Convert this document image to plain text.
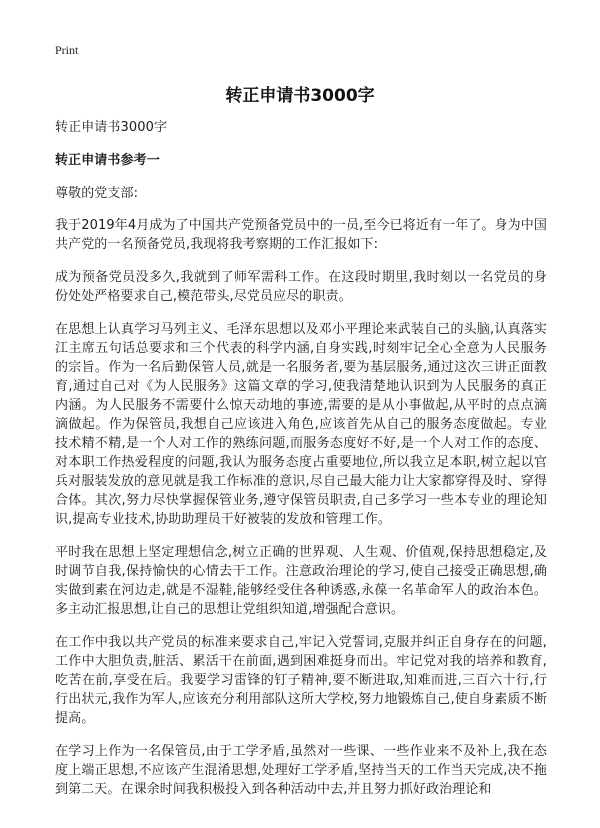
Print
转正申请书3000字

转正申请书3000字

转正申请书参考一

尊敬的党支部:

我于2019年4月成为了中国共产党预备党员中的一员,至今已将近有一年了。身为中国共产党的一名预备党员,我现将我考察期的工作汇报如下:

成为预备党员没多久,我就到了师军需科工作。在这段时期里,我时刻以一名党员的身份处处严格要求自己,模范带头,尽党员应尽的职责。

在思想上认真学习马列主义、毛泽东思想以及邓小平理论来武装自己的头脑,认真落实江主席五句话总要求和三个代表的科学内涵,自身实践,时刻牢记全心全意为人民服务的宗旨。作为一名后勤保管人员,就是一名服务者,要为基层服务,通过这次三讲正面教育,通过自己对《为人民服务》这篇文章的学习,使我清楚地认识到为人民服务的真正内涵。为人民服务不需要什么惊天动地的事迹,需要的是从小事做起,从平时的点点滴滴做起。作为保管员,我想自己应该进入角色,应该首先从自己的服务态度做起。专业技术精不精,是一个人对工作的熟练问题,而服务态度好不好,是一个人对工作的态度、对本职工作热爱程度的问题,我认为服务态度占重要地位,所以我立足本职,树立起以官兵对服装发放的意见就是我工作标准的意识,尽自己最大能力让大家都穿得及时、穿得合体。其次,努力尽快掌握保管业务,遵守保管员职责,自己多学习一些本专业的理论知识,提高专业技术,协助助理员干好被装的发放和管理工作。

平时我在思想上坚定理想信念,树立正确的世界观、人生观、价值观,保持思想稳定,及时调节自我,保持愉快的心情去干工作。注意政治理论的学习,使自己接受正确思想,确实做到素在河边走,就是不湿鞋,能够经受住各种诱惑,永葆一名革命军人的政治本色。多主动汇报思想,让自己的思想让党组织知道,增强配合意识。

在工作中我以共产党员的标准来要求自己,牢记入党誓词,克服并纠正自身存在的问题,工作中大胆负责,脏活、累活干在前面,遇到困难挺身而出。牢记党对我的培养和教育,吃苦在前,享受在后。我要学习雷锋的钉子精神,要不断进取,知难而进,三百六十行,行行出状元,我作为军人,应该充分利用部队这所大学校,努力地锻炼自己,使自身素质不断提高。

在学习上作为一名保管员,由于工学矛盾,虽然对一些课、一些作业来不及补上,我在态度上端正思想,不应该产生混淆思想,处理好工学矛盾,坚持当天的工作当天完成,决不拖到第二天。在课余时间我积极投入到各种活动中去,并且努力抓好政治理论和
